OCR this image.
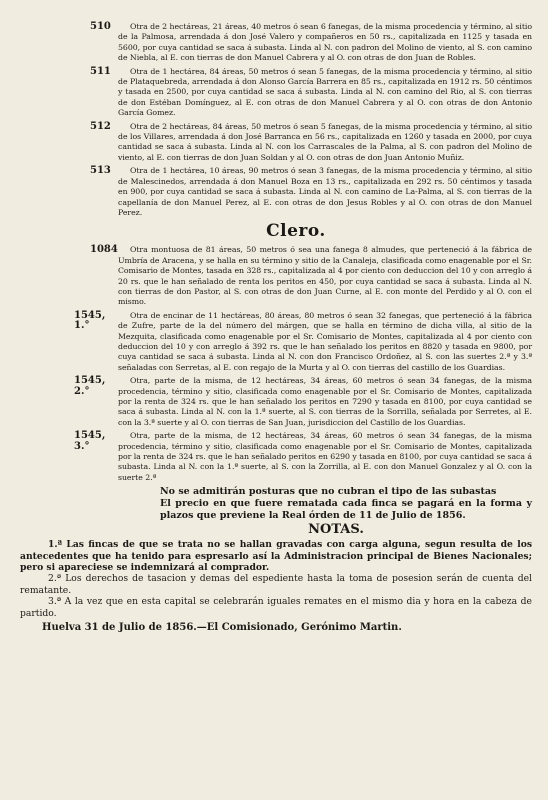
510	Otra de 2 hectáreas, 21 áreas, 40 metros ó sean 6 fanegas, de la misma procedencia y término, al sitio de la Palmosa, arrendada á don José Valero y compañeros en 50 rs., capitalizada en 1125 y tasada en 5600, por cuya cantidad se saca á subasta. Linda al N. con padron del Molino de viento, al S. con camino de Niebla, al E. con tierras de don Manuel Cabrera y al O. con otras de don Juan de Robles.
511	Otra de 1 hectárea, 84 áreas, 50 metros ó sean 5 fanegas, de la misma procedencia y término, al sitio de Plataquebreda, arrendada á don Alonso García Barrera en 85 rs., capitalizada en 1912 rs. 50 céntimos y tasada en 2500, por cuya cantidad se saca á subasta. Linda al N. con camino del Rio, al S. con tierras de don Estéban Domínguez, al E. con otras de don Manuel Cabrera y al O. con otras de don Antonio García Gomez.
512	Otra de 2 hectáreas, 84 áreas, 50 metros ó sean 5 fanegas, de la misma procedencia y término, al sitio de los Villares, arrendada á don José Barranca en 56 rs., capitalizada en 1260 y tasada en 2000, por cuya cantidad se saca á subasta. Linda al N. con los Carrascales de la Palma, al S. con padron del Molino de viento, al E. con tierras de don Juan Soldan y al O. con otras de don Juan Antonio Muñiz.
513	Otra de 1 hectárea, 10 áreas, 90 metros ó sean 3 fanegas, de la misma procedencia y término, al sitio de Malescinedos, arrendada á don Manuel Boza en 13 rs., capitalizada en 292 rs. 50 céntimos y tasada en 900, por cuya cantidad se saca á subasta. Linda al N. con camino de La-Palma, al S. con tierras de la capellanía de don Manuel Perez, al E. con otras de don Jesus Robles y al O. con otras de don Manuel Perez.
Clero.
1084	Otra montuosa de 81 áreas, 50 metros ó sea una fanega 8 almudes, que perteneció á la fábrica de Umbría de Aracena, y se halla en su término y sitio de la Canaleja, clasificada como enagenable por el Sr. Comisario de Montes, tasada en 328 rs., capitalizada al 4 por ciento con deduccion del 10 y con arreglo á 20 rs. que le han señalado de renta los peritos en 450, por cuya cantidad se saca á subasta. Linda al N. con tierras de don Pastor, al S. con otras de don Juan Curne, al E. con monte del Perdido y al O. con el mismo.
1545, 1.°
Otra de encinar de 11 hectáreas, 80 áreas, 80 metros ó sean 32 fanegas, que perteneció á la fábrica de Zufre, parte de la del número del márgen, que se halla en término de dicha villa, al sitio de la Mezquita, clasificada como enagenable por el Sr. Comisario de Montes, capitalizada al 4 por ciento con deduccion del 10 y con arreglo á 392 rs. que le han señalado los peritos en 8820 y tasada en 9800, por cuya cantidad se saca á subasta. Linda al N. con don Francisco Ordoñez, al S. con las suertes 2.ª y 3.ª señaladas con Serretas, al E. con regajo de la Murta y al O. con tierras del castillo de los Guardias.
1545, 2.°
Otra, parte de la misma, de 12 hectáreas, 34 áreas, 60 metros ó sean 34 fanegas, de la misma procedencia, término y sitio, clasificada como enagenable por el Sr. Comisario de Montes, capitalizada por la renta de 324 rs. que le han señalado los peritos en 7290 y tasada en 8100, por cuya cantidad se saca á subasta. Linda al N. con la 1.ª suerte, al S. con tierras de la Sorrilla, señalada por Serretes, al E. con la 3.ª suerte y al O. con tierras de San Juan, jurisdiccion del Castillo de los Guardias.
1545, 3.°
Otra, parte de la misma, de 12 hectáreas, 34 áreas, 60 metros ó sean 34 fanegas, de la misma procedencia, término y sitio, clasificada como enagenable por el Sr. Comisario de Montes, capitalizada por la renta de 324 rs. que le han señalado peritos en 6290 y tasada en 8100, por cuya cantidad se saca á subasta. Linda al N. con la 1.ª suerte, al S. con la Zorrilla, al E. con don Manuel Gonzalez y al O. con la suerte 2.ª
No se admitirán posturas que no cubran el tipo de las subastas
El precio en que fuere rematada cada finca se pagará en la forma y plazos que previene la Real órden de 11 de Julio de 1856.
NOTAS.
1.ª Las fincas de que se trata no se hallan gravadas con carga alguna, segun resulta de los antecedentes que ha tenido para espresarlo así la Administracion principal de Bienes Nacionales; pero si apareciese se indemnizará al comprador.
2.ª Los derechos de tasacion y demas del espediente hasta la toma de posesion serán de cuenta del rematante.
3.ª A la vez que en esta capital se celebrarán iguales remates en el mismo dia y hora en la cabeza de partido.
Huelva 31 de Julio de 1856.—El Comisionado, Gerónimo Martin.
